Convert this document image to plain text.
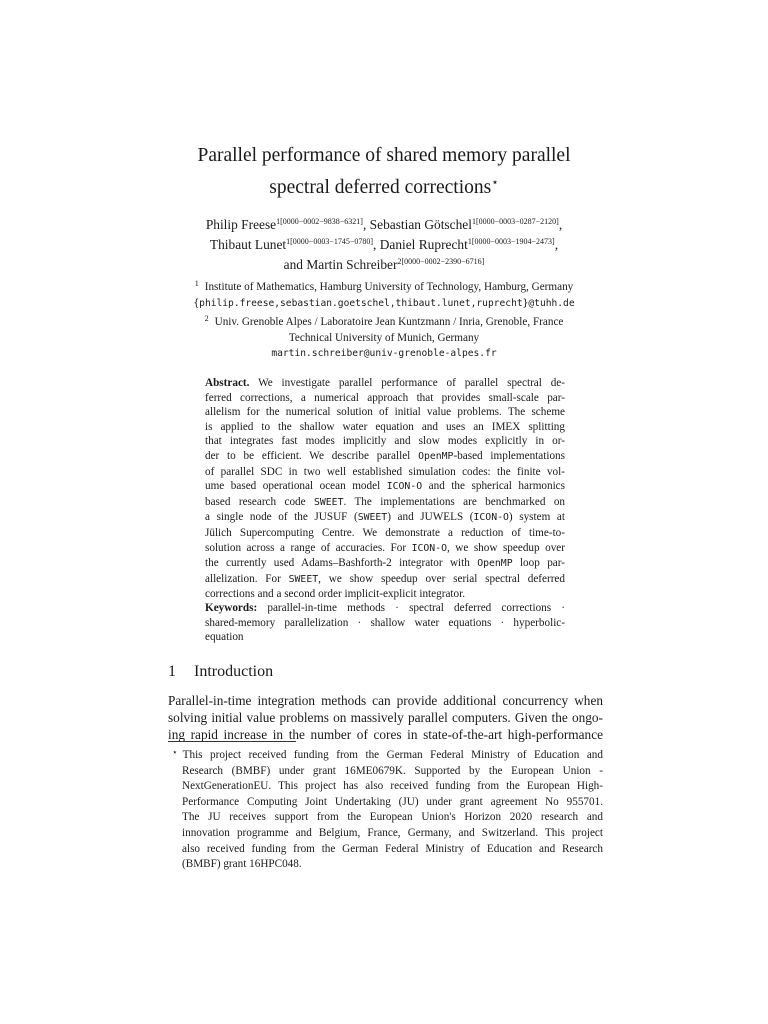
Parallel performance of shared memory parallel
spectral deferred corrections⋆
Philip Freese$^{1[0000-0002-9838-6321]}$, Sebastian Götschel$^{1[0000-0003-0287-2120]}$,
Thibaut Lunet$^{1[0000-0003-1745-0780]}$, Daniel Ruprecht$^{1[0000-0003-1904-2473]}$,
and Martin Schreiber$^{2[0000-0002-2390-6716]}$
$^1$ Institute of Mathematics, Hamburg University of Technology, Hamburg, Germany
{philip.freese,sebastian.goetschel,thibaut.lunet,ruprecht}@tuhh.de
$^2$ Univ. Grenoble Alpes / Laboratoire Jean Kuntzmann / Inria, Grenoble, France
Technical University of Munich, Germany
martin.schreiber@univ-grenoble-alpes.fr
Abstract. We investigate parallel performance of parallel spectral de-
ferred corrections, a numerical approach that provides small-scale par-
allelism for the numerical solution of initial value problems. The scheme
is applied to the shallow water equation and uses an IMEX splitting
that integrates fast modes implicitly and slow modes explicitly in or-
der to be efficient. We describe parallel OpenMP-based implementations
of parallel SDC in two well established simulation codes: the finite vol-
ume based operational ocean model ICON-O and the spherical harmonics
based research code SWEET. The implementations are benchmarked on
a single node of the JUSUF (SWEET) and JUWELS (ICON-O) system at
Jülich Supercomputing Centre. We demonstrate a reduction of time-to-
solution across a range of accuracies. For ICON-O, we show speedup over
the currently used Adams–Bashforth-2 integrator with OpenMP loop par-
allelization. For SWEET, we show speedup over serial spectral deferred
corrections and a second order implicit-explicit integrator.
Keywords: parallel-in-time methods · spectral deferred corrections ·
shared-memory parallelization · shallow water equations · hyperbolic-
equation
1 Introduction
Parallel-in-time integration methods can provide additional concurrency when
solving initial value problems on massively parallel computers. Given the ongo-
ing rapid increase in the number of cores in state-of-the-art high-performance
⋆ This project received funding from the German Federal Ministry of Education and
Research (BMBF) under grant 16ME0679K. Supported by the European Union -
NextGenerationEU. This project has also received funding from the European High-
Performance Computing Joint Undertaking (JU) under grant agreement No 955701.
The JU receives support from the European Union's Horizon 2020 research and
innovation programme and Belgium, France, Germany, and Switzerland. This project
also received funding from the German Federal Ministry of Education and Research
(BMBF) grant 16HPC048.
